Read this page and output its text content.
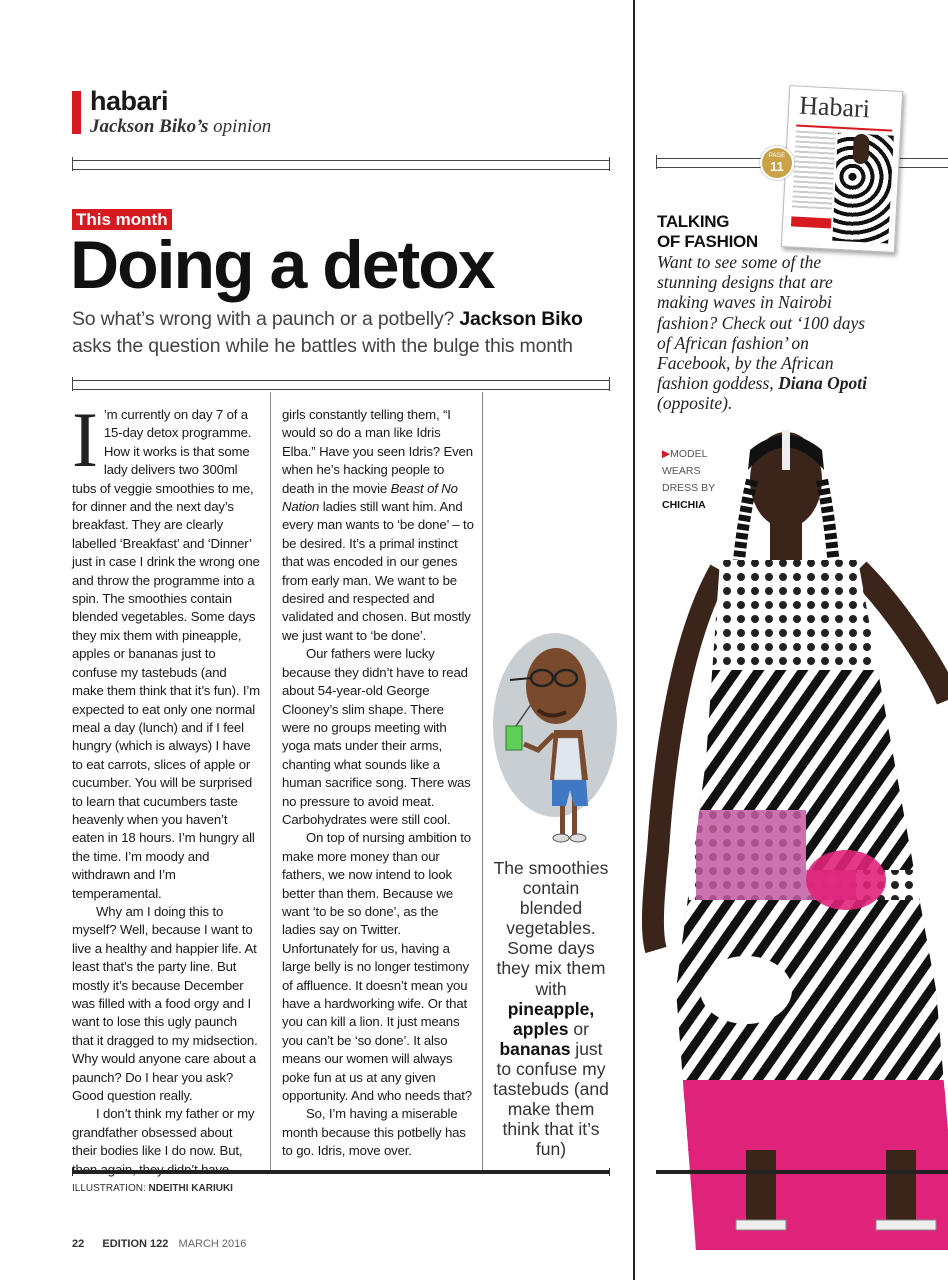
habari
Jackson Biko’s opinion
This month
Doing a detox
So what’s wrong with a paunch or a potbelly? Jackson Biko asks the question while he battles with the bulge this month
I ’m currently on day 7 of a 15-day detox programme. How it works is that some lady delivers two 300ml tubs of veggie smoothies to me, for dinner and the next day’s breakfast. They are clearly labelled ‘Breakfast’ and ‘Dinner’ just in case I drink the wrong one and throw the programme into a spin. The smoothies contain blended vegetables. Some days they mix them with pineapple, apples or bananas just to confuse my tastebuds (and make them think that it’s fun). I’m expected to eat only one normal meal a day (lunch) and if I feel hungry (which is always) I have to eat carrots, slices of apple or cucumber. You will be surprised to learn that cucumbers taste heavenly when you haven’t eaten in 18 hours. I’m hungry all the time. I’m moody and withdrawn and I’m temperamental.

Why am I doing this to myself? Well, because I want to live a healthy and happier life. At least that’s the party line. But mostly it’s because December was filled with a food orgy and I want to lose this ugly paunch that it dragged to my midsection. Why would anyone care about a paunch? Do I hear you ask? Good question really.

I don’t think my father or my grandfather obsessed about their bodies like I do now. But,

girls constantly telling them, “I would so do a man like Idris Elba.” Have you seen Idris? Even when he’s hacking people to death in the movie Beast of No Nation ladies still want him. And every man wants to ‘be done’ – to be desired. It’s a primal instinct that was encoded in our genes from early man. We want to be desired and respected and validated and chosen. But mostly we just want to ‘be done’.

Our fathers were lucky because they didn’t have to read about 54-year-old George Clooney’s slim shape. There were no groups meeting with yoga mats under their arms, chanting what sounds like a human sacrifice song. There was no pressure to avoid meat. Carbohydrates were still cool.

On top of nursing ambition to make more money than our fathers, we now intend to look better than them. Because we want ‘to be so done’, as the ladies say on Twitter. Unfortunately for us, having a large belly is no longer testimony of affluence. It doesn’t mean you have a hardworking wife. Or that you can kill a lion. It just means you can’t be ‘so done’. It also means our women will always poke fun at us at any given opportunity. And who needs that?

So, I’m having a miserable month because this potbelly has to go. Idris, move over.

The smoothies contain blended vegetables. Some days they mix them with pineapple, apples or bananas just to confuse my tastebuds (and make them think that it’s fun)
ILLUSTRATION: NDEITHI KARIUKI
22 EDITION 122 MARCH 2016
Habari
PAGE
11
TALKING
OF FASHION
Want to see some of the stunning designs that are making waves in Nairobi fashion? Check out ‘100 days of African fashion’ on Facebook, by the African fashion goddess, Diana Opoti (opposite).
▶MODEL
WEARS
DRESS BY
CHICHIA
